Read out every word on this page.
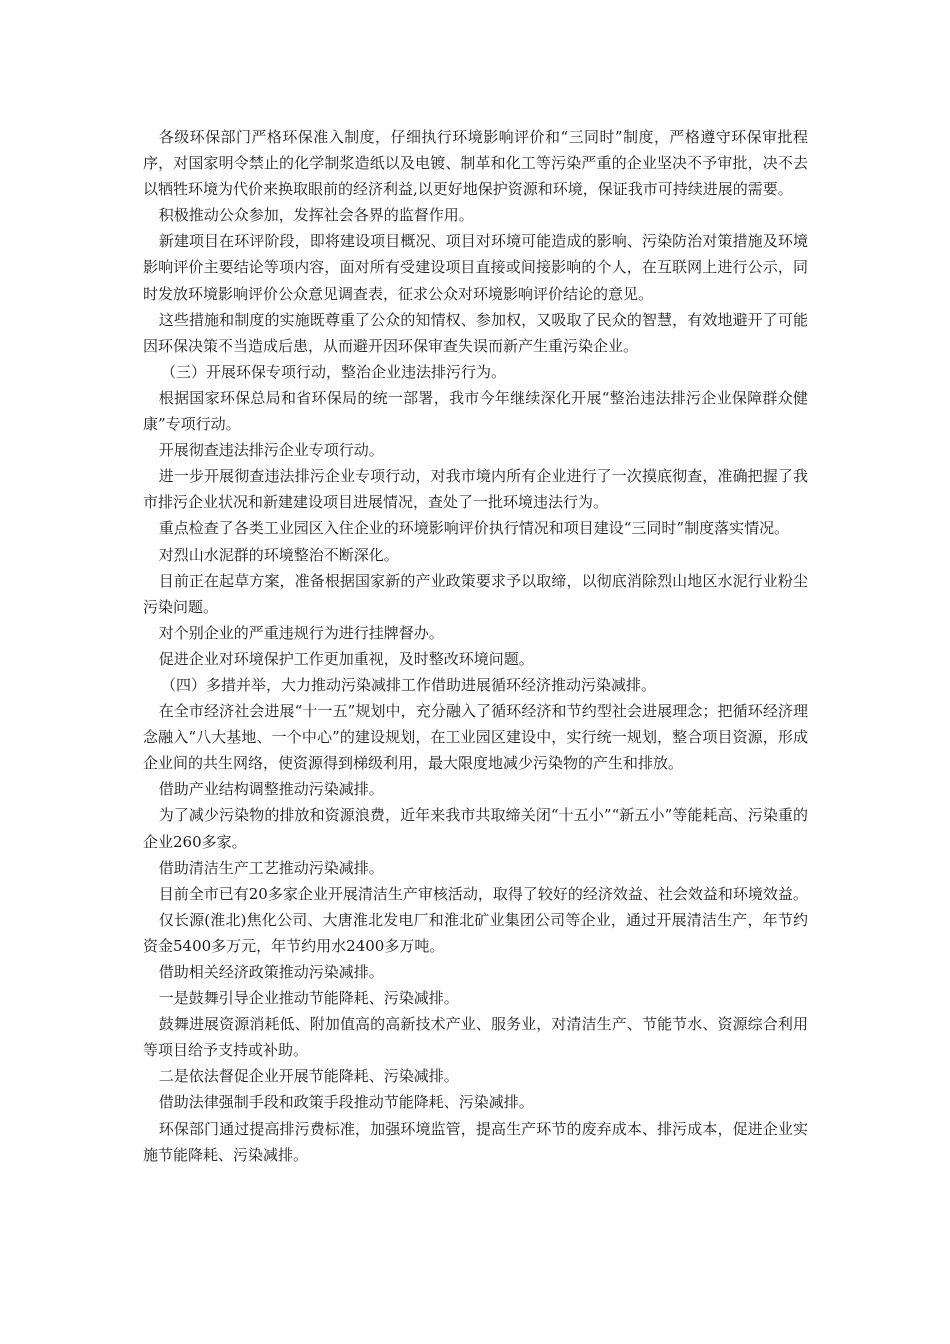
各级环保部门严格环保准入制度，仔细执行环境影响评价和“三同时”制度，严格遵守环保审批程序，对国家明令禁止的化学制浆造纸以及电镀、制革和化工等污染严重的企业坚决不予审批，决不去以牺牲环境为代价来换取眼前的经济利益,以更好地保护资源和环境，保证我市可持续进展的需要。

积极推动公众参加，发挥社会各界的监督作用。

新建项目在环评阶段，即将建设项目概况、项目对环境可能造成的影响、污染防治对策措施及环境影响评价主要结论等项内容，面对所有受建设项目直接或间接影响的个人，在互联网上进行公示，同时发放环境影响评价公众意见调查表，征求公众对环境影响评价结论的意见。

这些措施和制度的实施既尊重了公众的知情权、参加权，又吸取了民众的智慧，有效地避开了可能因环保决策不当造成后患，从而避开因环保审查失误而新产生重污染企业。

（三）开展环保专项行动，整治企业违法排污行为。

根据国家环保总局和省环保局的统一部署，我市今年继续深化开展“整治违法排污企业保障群众健康”专项行动。

开展彻查违法排污企业专项行动。

进一步开展彻查违法排污企业专项行动，对我市境内所有企业进行了一次摸底彻查，准确把握了我市排污企业状况和新建建设项目进展情况，查处了一批环境违法行为。

重点检查了各类工业园区入住企业的环境影响评价执行情况和项目建设“三同时”制度落实情况。

对烈山水泥群的环境整治不断深化。

目前正在起草方案，准备根据国家新的产业政策要求予以取缔，以彻底消除烈山地区水泥行业粉尘污染问题。

对个别企业的严重违规行为进行挂牌督办。

促进企业对环境保护工作更加重视，及时整改环境问题。

（四）多措并举，大力推动污染减排工作借助进展循环经济推动污染减排。

在全市经济社会进展“十一五”规划中，充分融入了循环经济和节约型社会进展理念；把循环经济理念融入“八大基地、一个中心”的建设规划，在工业园区建设中，实行统一规划，整合项目资源，形成企业间的共生网络，使资源得到梯级利用，最大限度地减少污染物的产生和排放。

借助产业结构调整推动污染减排。

为了减少污染物的排放和资源浪费，近年来我市共取缔关闭“十五小”“新五小”等能耗高、污染重的企业260多家。

借助清洁生产工艺推动污染减排。

目前全市已有20多家企业开展清洁生产审核活动，取得了较好的经济效益、社会效益和环境效益。

仅长源(淮北)焦化公司、大唐淮北发电厂和淮北矿业集团公司等企业，通过开展清洁生产，年节约资金5400多万元，年节约用水2400多万吨。

借助相关经济政策推动污染减排。

一是鼓舞引导企业推动节能降耗、污染减排。

鼓舞进展资源消耗低、附加值高的高新技术产业、服务业，对清洁生产、节能节水、资源综合利用等项目给予支持或补助。

二是依法督促企业开展节能降耗、污染减排。

借助法律强制手段和政策手段推动节能降耗、污染减排。

环保部门通过提高排污费标准，加强环境监管，提高生产环节的废弃成本、排污成本，促进企业实施节能降耗、污染减排。
